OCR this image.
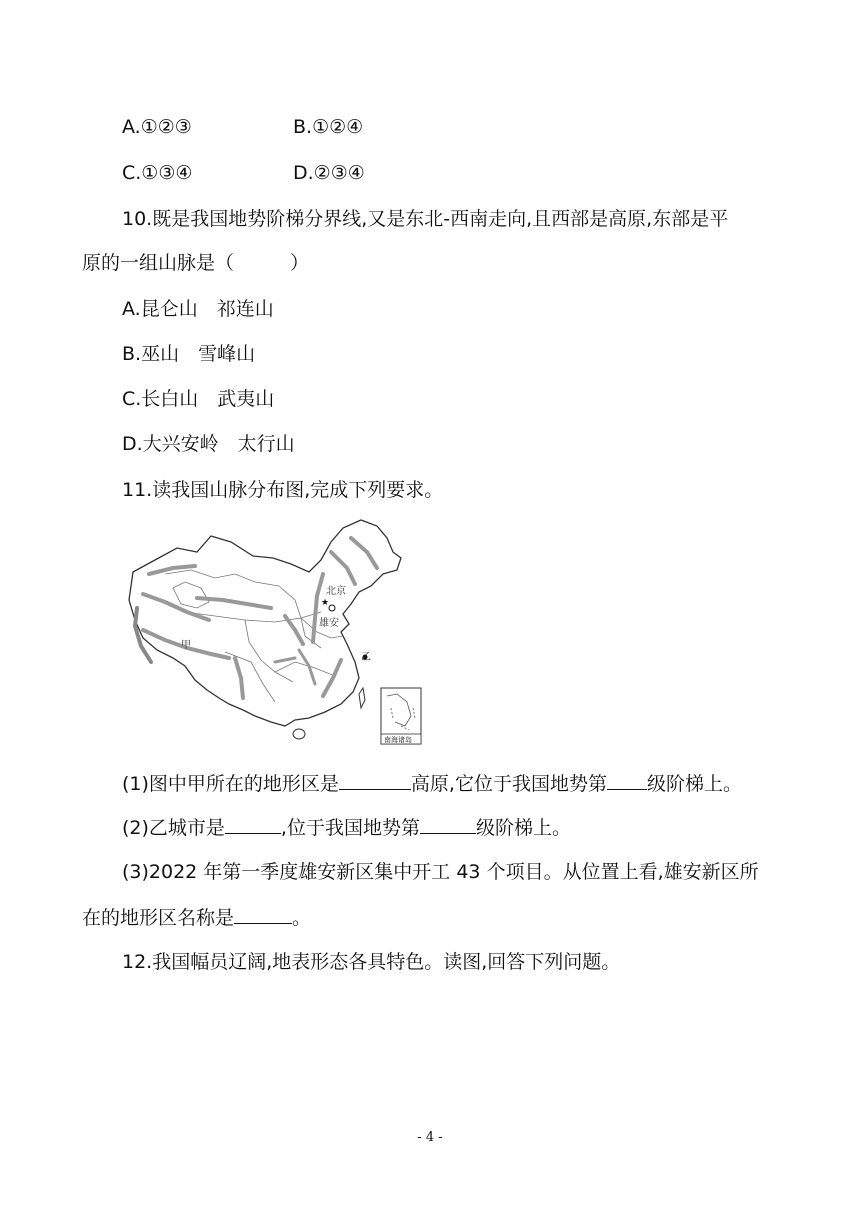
A.①②③	B.①②④
C.①③④	D.②③④
10.既是我国地势阶梯分界线,又是东北-西南走向,且西部是高原,东部是平
原的一组山脉是（	）
A.昆仑山　祁连山
B.巫山　雪峰山
C.长白山　武夷山
D.大兴安岭　太行山
11.读我国山脉分布图,完成下列要求。
★
北京
雄安
甲
乙
南海诸岛
(1)图中甲所在的地形区是	高原,它位于我国地势第 级阶梯上。
(2)乙城市是	,位于我国地势第	级阶梯上。
(3)2022 年第一季度雄安新区集中开工 43 个项目。从位置上看,雄安新区所
在的地形区名称是	。
12.我国幅员辽阔,地表形态各具特色。读图,回答下列问题。
- 4 -
